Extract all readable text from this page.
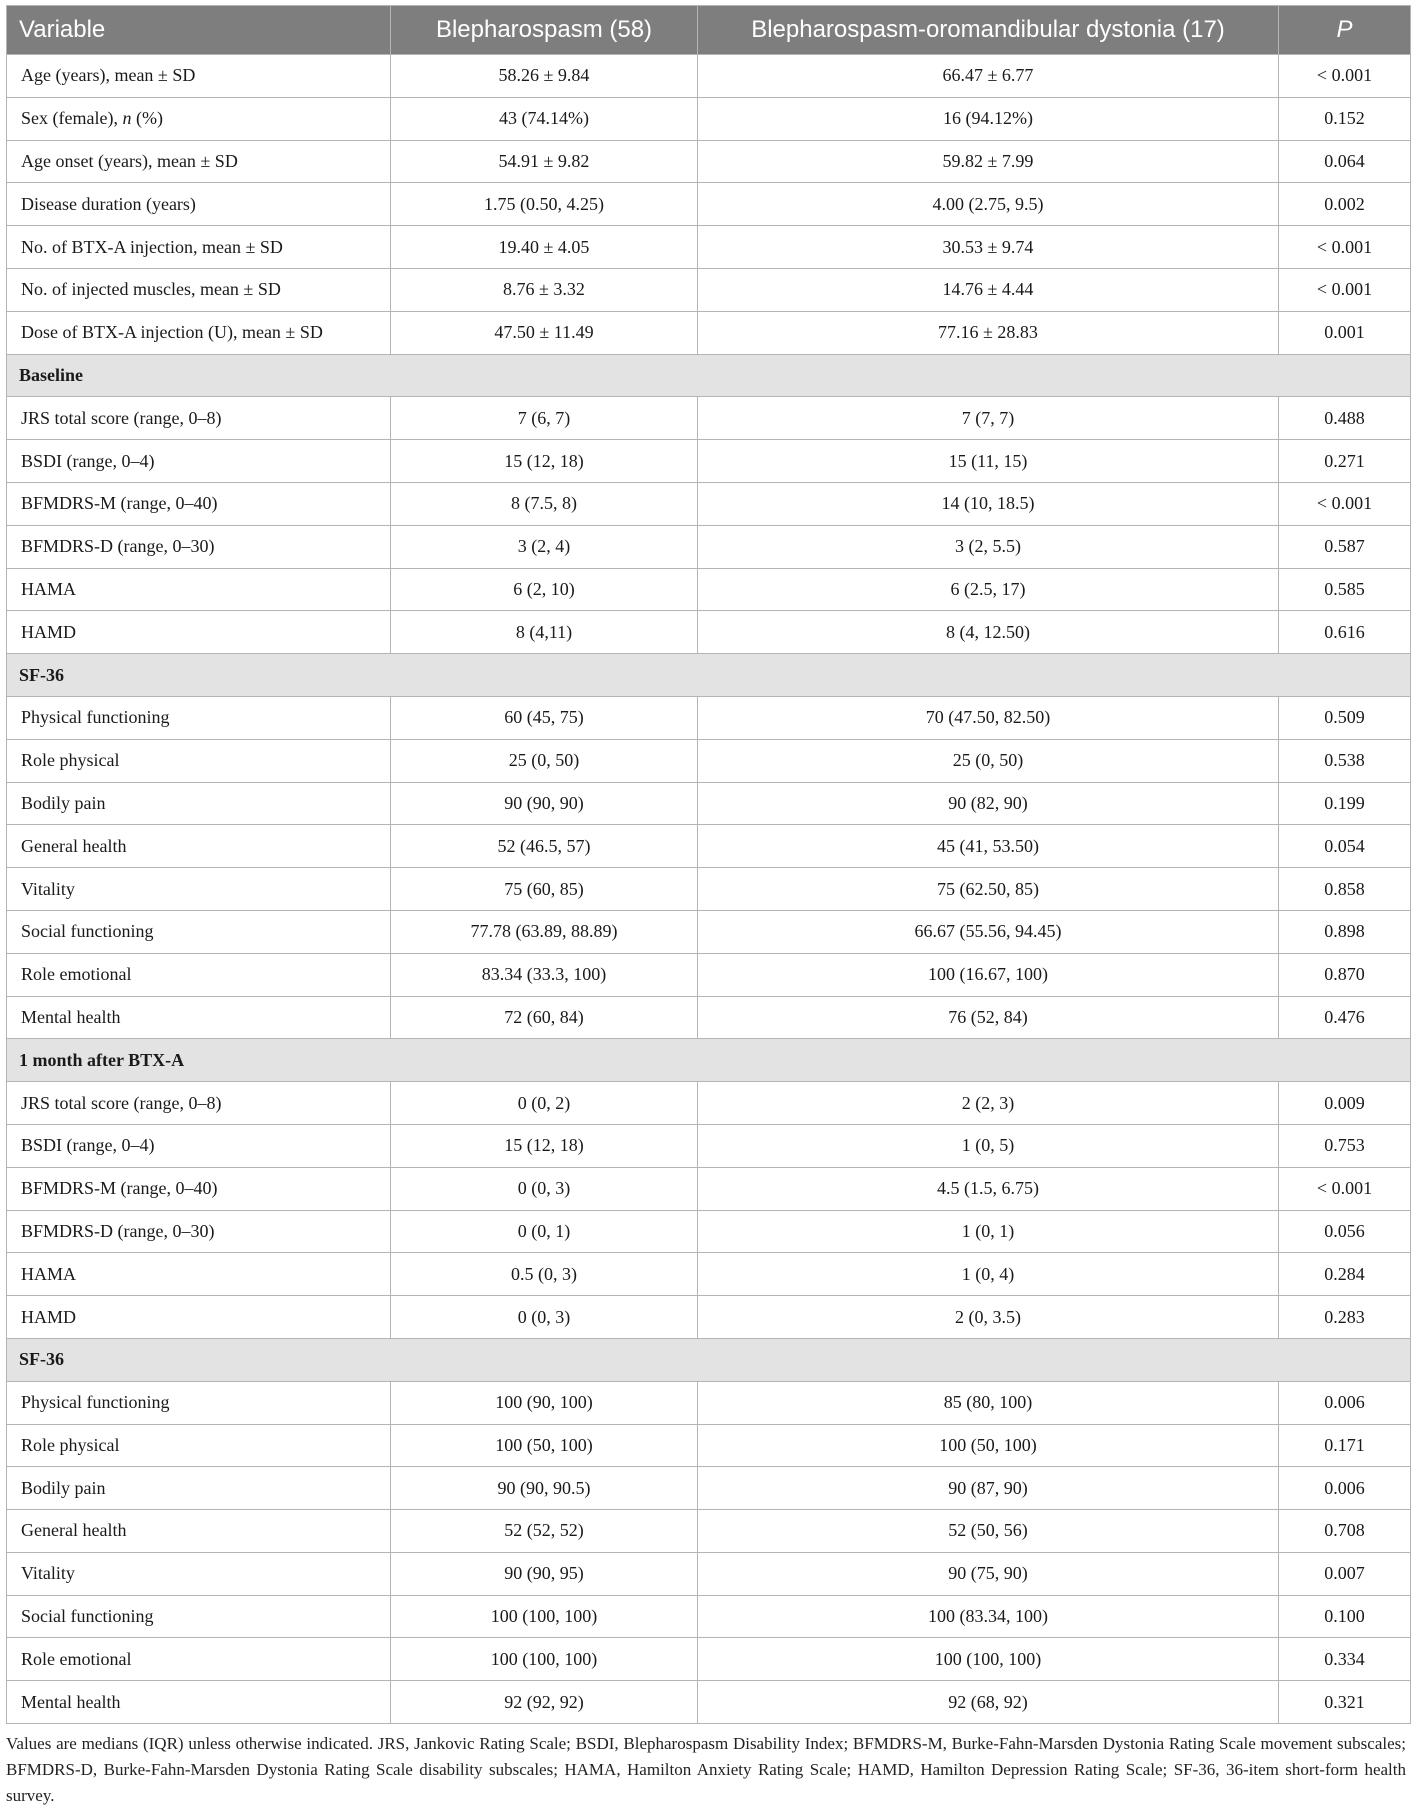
Variable	Blepharospasm (58)	Blepharospasm-oromandibular dystonia (17)	P
Age (years), mean ± SD	58.26 ± 9.84	66.47 ± 6.77	< 0.001
Sex (female), n (%)	43 (74.14%)	16 (94.12%)	0.152
Age onset (years), mean ± SD	54.91 ± 9.82	59.82 ± 7.99	0.064
Disease duration (years)	1.75 (0.50, 4.25)	4.00 (2.75, 9.5)	0.002
No. of BTX-A injection, mean ± SD	19.40 ± 4.05	30.53 ± 9.74	< 0.001
No. of injected muscles, mean ± SD	8.76 ± 3.32	14.76 ± 4.44	< 0.001
Dose of BTX-A injection (U), mean ± SD	47.50 ± 11.49	77.16 ± 28.83	0.001
Baseline			
JRS total score (range, 0–8)	7 (6, 7)	7 (7, 7)	0.488
BSDI (range, 0–4)	15 (12, 18)	15 (11, 15)	0.271
BFMDRS-M (range, 0–40)	8 (7.5, 8)	14 (10, 18.5)	< 0.001
BFMDRS-D (range, 0–30)	3 (2, 4)	3 (2, 5.5)	0.587
HAMA	6 (2, 10)	6 (2.5, 17)	0.585
HAMD	8 (4,11)	8 (4, 12.50)	0.616
SF-36			
Physical functioning	60 (45, 75)	70 (47.50, 82.50)	0.509
Role physical	25 (0, 50)	25 (0, 50)	0.538
Bodily pain	90 (90, 90)	90 (82, 90)	0.199
General health	52 (46.5, 57)	45 (41, 53.50)	0.054
Vitality	75 (60, 85)	75 (62.50, 85)	0.858
Social functioning	77.78 (63.89, 88.89)	66.67 (55.56, 94.45)	0.898
Role emotional	83.34 (33.3, 100)	100 (16.67, 100)	0.870
Mental health	72 (60, 84)	76 (52, 84)	0.476
1 month after BTX-A			
JRS total score (range, 0–8)	0 (0, 2)	2 (2, 3)	0.009
BSDI (range, 0–4)	15 (12, 18)	1 (0, 5)	0.753
BFMDRS-M (range, 0–40)	0 (0, 3)	4.5 (1.5, 6.75)	< 0.001
BFMDRS-D (range, 0–30)	0 (0, 1)	1 (0, 1)	0.056
HAMA	0.5 (0, 3)	1 (0, 4)	0.284
HAMD	0 (0, 3)	2 (0, 3.5)	0.283
SF-36			
Physical functioning	100 (90, 100)	85 (80, 100)	0.006
Role physical	100 (50, 100)	100 (50, 100)	0.171
Bodily pain	90 (90, 90.5)	90 (87, 90)	0.006
General health	52 (52, 52)	52 (50, 56)	0.708
Vitality	90 (90, 95)	90 (75, 90)	0.007
Social functioning	100 (100, 100)	100 (83.34, 100)	0.100
Role emotional	100 (100, 100)	100 (100, 100)	0.334
Mental health	92 (92, 92)	92 (68, 92)	0.321
Values are medians (IQR) unless otherwise indicated. JRS, Jankovic Rating Scale; BSDI, Blepharospasm Disability Index; BFMDRS-M, Burke-Fahn-Marsden Dystonia Rating Scale movement subscales; BFMDRS-D, Burke-Fahn-Marsden Dystonia Rating Scale disability subscales; HAMA, Hamilton Anxiety Rating Scale; HAMD, Hamilton Depression Rating Scale; SF-36, 36-item short-form health survey.
